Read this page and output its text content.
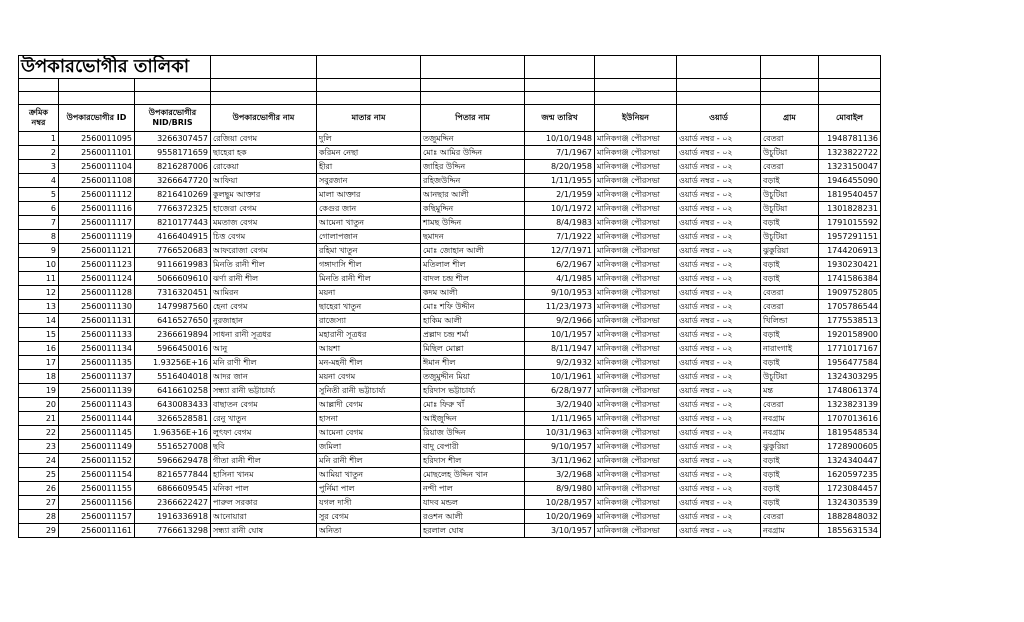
উপকারভোগীর তালিকা										

ক্রমিক নম্বর	উপকারভোগীর ID	উপকারভোগীর NID/BRIS	উপকারভোগীর নাম	মাতার নাম	পিতার নাম	জন্ম তারিখ	ইউনিয়ন	ওয়ার্ড	গ্রাম	মোবাইল
1	2560011095	3266307457	রেজিয়া বেগম	দুলি	তজুমদ্দিন	10/10/1948	মানিকগঞ্জ পৌরসভা	ওয়ার্ড নম্বর - ০২	বেতরা	1948781136
2	2560011101	9558171659	ছাহেরা হক	করিমন নেছা	মোঃ আমির উদ্দিন	7/1/1967	মানিকগঞ্জ পৌরসভা	ওয়ার্ড নম্বর - ০২	উচুটিয়া	1323822722
3	2560011104	8216287006	রোকেয়া	হীরা	জাহির উদ্দিন	8/20/1958	মানিকগঞ্জ পৌরসভা	ওয়ার্ড নম্বর - ০২	বেতরা	1323150047
4	2560011108	3266647720	আফিয়া	সবুরজান	রহিজউদ্দিন	1/11/1955	মানিকগঞ্জ পৌরসভা	ওয়ার্ড নম্বর - ০২	বড়াই	1946455090
5	2560011112	8216410269	কুলছুম আক্তার	মালা আক্তার	আনছার আলী	2/1/1959	মানিকগঞ্জ পৌরসভা	ওয়ার্ড নম্বর - ০২	উচুটিয়া	1819540457
6	2560011116	7766372325	হাজেরা বেগম	কেগুর জান	কছিমুদ্দিন	10/1/1972	মানিকগঞ্জ পৌরসভা	ওয়ার্ড নম্বর - ০২	উচুটিয়া	1301828231
7	2560011117	8210177443	মমতাজ বেগম	আমেনা খাতুন	শামছ উদ্দিন	8/4/1983	মানিকগঞ্জ পৌরসভা	ওয়ার্ড নম্বর - ০২	বড়াই	1791015592
8	2560011119	4166404915	চিত্ত বেগম	গোলাপজান	ছমাদন	7/1/1922	মানিকগঞ্জ পৌরসভা	ওয়ার্ড নম্বর - ০২	উচুটিয়া	1957291151
9	2560011121	7766520683	আফরোজা বেগম	রহিমা খাতুন	মোঃ জোহান আলী	12/7/1971	মানিকগঞ্জ পৌরসভা	ওয়ার্ড নম্বর - ০২	ঝুকুরিয়া	1744206913
10	2560011123	9116619983	মিনতি রানী শীল	গঙ্গাদাসি শীল	মতিলাল শীল	6/2/1967	মানিকগঞ্জ পৌরসভা	ওয়ার্ড নম্বর - ০২	বড়াই	1930230421
11	2560011124	5066609610	ঝর্ণা রানী শীল	মিনতি রানী শীল	বাদল চন্দ্র শীল	4/1/1985	মানিকগঞ্জ পৌরসভা	ওয়ার্ড নম্বর - ০২	বড়াই	1741586384
12	2560011128	7316320451	আমিরন	ময়না	কদম আলী	9/10/1953	মানিকগঞ্জ পৌরসভা	ওয়ার্ড নম্বর - ০২	বেতরা	1909752805
13	2560011130	1479987560	হেনা বেগম	ছাহেরা খাতুন	মোঃ শফি উদ্দীন	11/23/1973	মানিকগঞ্জ পৌরসভা	ওয়ার্ড নম্বর - ০২	বেতরা	1705786544
14	2560011131	6416527650	নুরজাহান	রাজেস্যা	হাকিম আলী	9/2/1966	মানিকগঞ্জ পৌরসভা	ওয়ার্ড নম্বর - ০২	খিলিন্ডা	1775538513
15	2560011133	2366619894	সাধনা রানী সূত্রধর	মহারানী সূত্রধর	প্রল্লাদ চন্দ্র শর্মা	10/1/1957	মানিকগঞ্জ পৌরসভা	ওয়ার্ড নম্বর - ০২	বড়াই	1920158900
16	2560011134	5966450016	আনু	আয়শা	মিছিল মোল্লা	8/11/1947	মানিকগঞ্জ পৌরসভা	ওয়ার্ড নম্বর - ০২	নারাংগাই	1771017167
17	2560011135	1.93256E+16	মনি রাণী শীল	মন-মহনী শীল	ঈমান শীল	9/2/1932	মানিকগঞ্জ পৌরসভা	ওয়ার্ড নম্বর - ০২	বড়াই	1956477584
18	2560011137	5516404018	আদর জান	ময়না বেগম	তজুমুদ্দীন মিয়া	10/1/1961	মানিকগঞ্জ পৌরসভা	ওয়ার্ড নম্বর - ০২	উচুটিয়া	1324303295
19	2560011139	6416610258	সন্ধ্যা রানী ভট্টাচার্য্য	সুনিতী রানী ভট্টাচার্য্য	হরিদাস ভট্টাচার্য্য	6/28/1977	মানিকগঞ্জ পৌরসভা	ওয়ার্ড নম্বর - ০২	মন্ত	1748061374
20	2560011143	6430083433	বাছাতন বেগম	আল্লাদী বেগম	মোঃ ফিরু খাঁ	3/2/1940	মানিকগঞ্জ পৌরসভা	ওয়ার্ড নম্বর - ০২	বেতরা	1323823139
21	2560011144	3266528581	রেনু খাতুন	হাসনা	আইজুদ্দিন	1/11/1965	মানিকগঞ্জ পৌরসভা	ওয়ার্ড নম্বর - ০২	নবগ্রাম	1707013616
22	2560011145	1.96356E+16	লুৎফা বেগম	আমেনা বেগম	রিয়াজ উদ্দিন	10/31/1963	মানিকগঞ্জ পৌরসভা	ওয়ার্ড নম্বর - ০২	নবগ্রাম	1819548534
23	2560011149	5516527008	ছবি	জমিলা	বাদু বেপারী	9/10/1957	মানিকগঞ্জ পৌরসভা	ওয়ার্ড নম্বর - ০২	ঝুকুরিয়া	1728900605
24	2560011152	5966629478	গীতা রানী শীল	মনি রানী শীল	হরিদাস শীল	3/11/1962	মানিকগঞ্জ পৌরসভা	ওয়ার্ড নম্বর - ০২	বড়াই	1324340447
25	2560011154	8216577844	হাসিনা খানম	আমিয়া খাতুন	মোছলেহ উদ্দিন খান	3/2/1968	মানিকগঞ্জ পৌরসভা	ওয়ার্ড নম্বর - ০২	বড়াই	1620597235
26	2560011155	6866609545	মনিকা পাল	পুর্নিমা পাল	নন্দী পাল	8/9/1980	মানিকগঞ্জ পৌরসভা	ওয়ার্ড নম্বর - ০২	বড়াই	1723084457
27	2560011156	2366622427	পারুল সরকার	যগল দাসী	যাদব মন্ডল	10/28/1957	মানিকগঞ্জ পৌরসভা	ওয়ার্ড নম্বর - ০২	বড়াই	1324303539
28	2560011157	1916336918	আনোয়ারা	সুর বেগম	রওশন আলী	10/20/1969	মানিকগঞ্জ পৌরসভা	ওয়ার্ড নম্বর - ০২	বেতরা	1882848032
29	2560011161	7766613298	সন্ধ্যা রানী ঘোষ	অনিতা	হরলাল ঘোষ	3/10/1957	মানিকগঞ্জ পৌরসভা	ওয়ার্ড নম্বর - ০২	নবগ্রাম	1855631534
